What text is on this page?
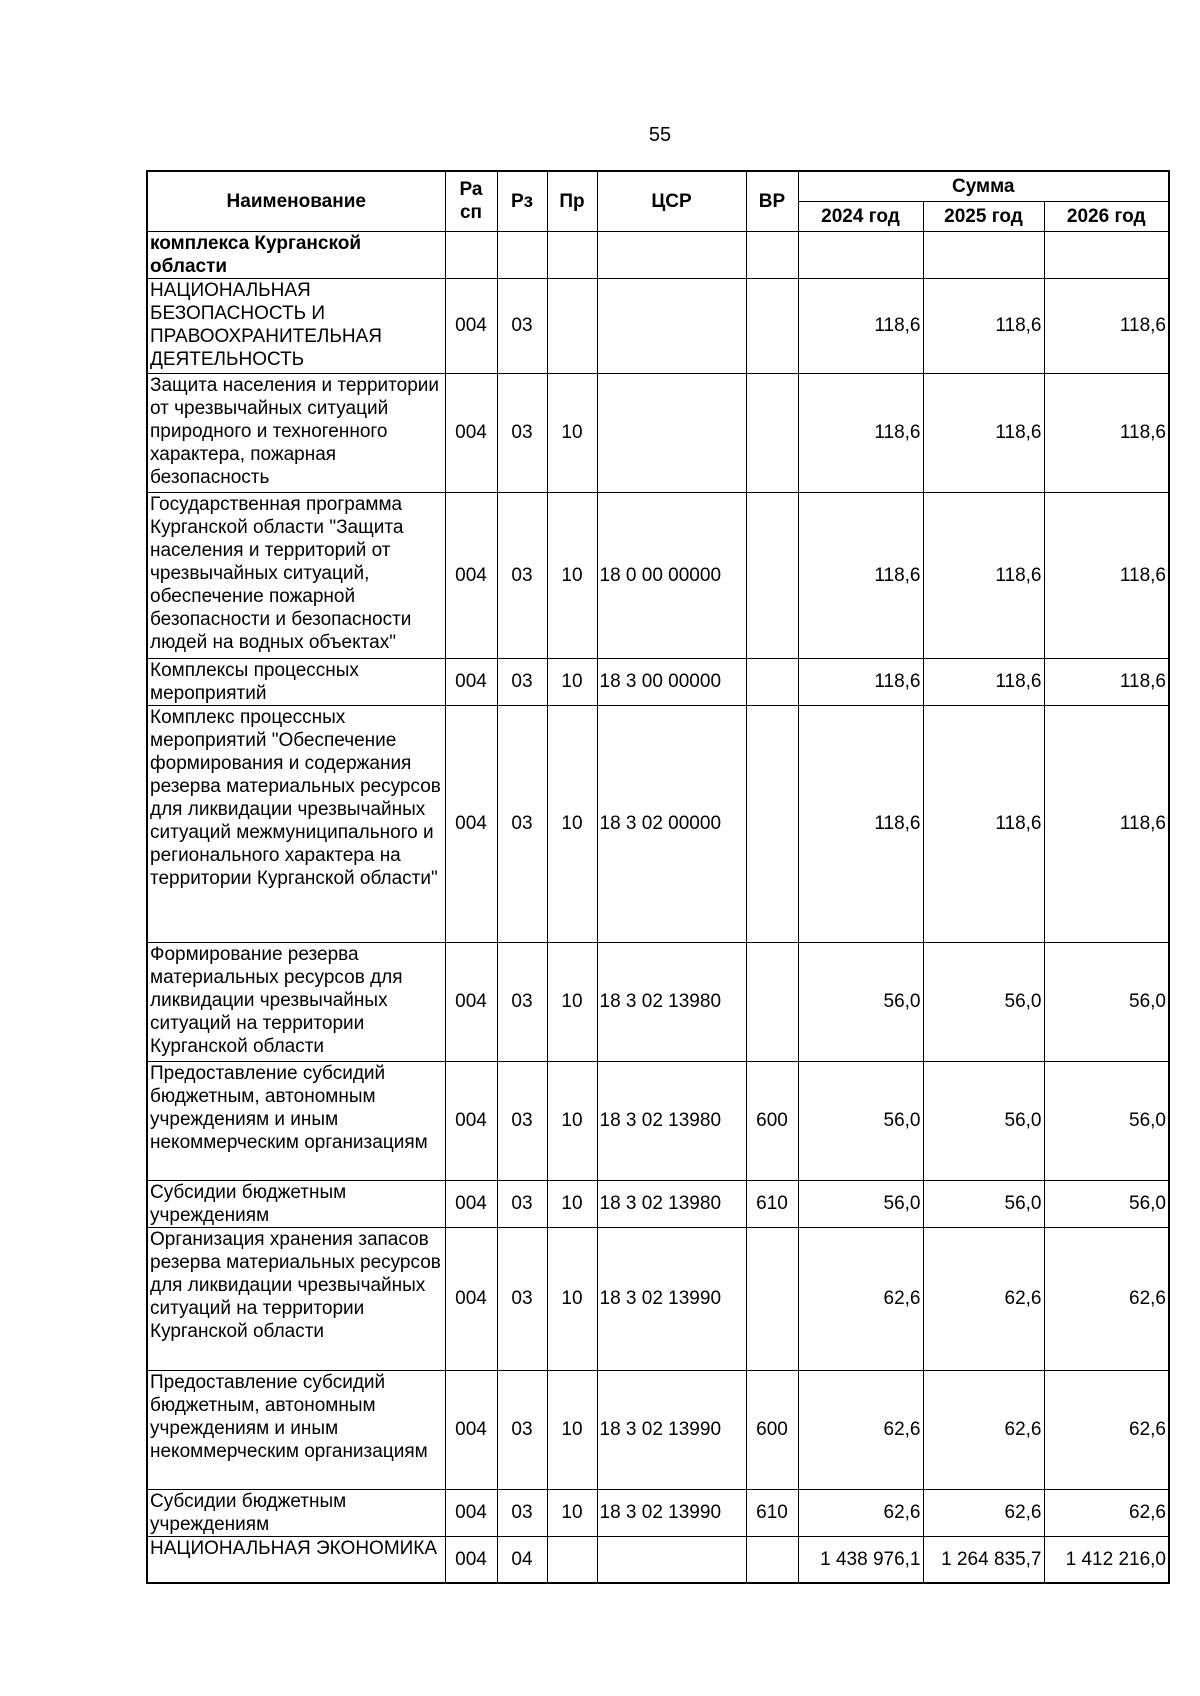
55
Наименование	Ра сп	Рз	Пр	ЦСР	ВР	Сумма		
						2024 год	2025 год	2026 год
комплекса Курганской области								
НАЦИОНАЛЬНАЯ БЕЗОПАСНОСТЬ И ПРАВООХРАНИТЕЛЬНАЯ ДЕЯТЕЛЬНОСТЬ	004	03				118,6	118,6	118,6
Защита населения и территории от чрезвычайных ситуаций природного и техногенного характера, пожарная безопасность	004	03	10			118,6	118,6	118,6
Государственная программа Курганской области "Защита населения и территорий от чрезвычайных ситуаций, обеспечение пожарной безопасности и безопасности людей на водных объектах"	004	03	10	18 0 00 00000		118,6	118,6	118,6
Комплексы процессных мероприятий	004	03	10	18 3 00 00000		118,6	118,6	118,6
Комплекс процессных мероприятий "Обеспечение формирования и содержания резерва материальных ресурсов для ликвидации чрезвычайных ситуаций межмуниципального и регионального характера на территории Курганской области"	004	03	10	18 3 02 00000		118,6	118,6	118,6
Формирование резерва материальных ресурсов для ликвидации чрезвычайных ситуаций на территории Курганской области	004	03	10	18 3 02 13980		56,0	56,0	56,0
Предоставление субсидий бюджетным, автономным учреждениям и иным некоммерческим организациям	004	03	10	18 3 02 13980	600	56,0	56,0	56,0
Субсидии бюджетным учреждениям	004	03	10	18 3 02 13980	610	56,0	56,0	56,0
Организация хранения запасов резерва материальных ресурсов для ликвидации чрезвычайных ситуаций на территории Курганской области	004	03	10	18 3 02 13990		62,6	62,6	62,6
Предоставление субсидий бюджетным, автономным учреждениям и иным некоммерческим организациям	004	03	10	18 3 02 13990	600	62,6	62,6	62,6
Субсидии бюджетным учреждениям	004	03	10	18 3 02 13990	610	62,6	62,6	62,6
НАЦИОНАЛЬНАЯ ЭКОНОМИКА	004	04				1 438 976,1	1 264 835,7	1 412 216,0
